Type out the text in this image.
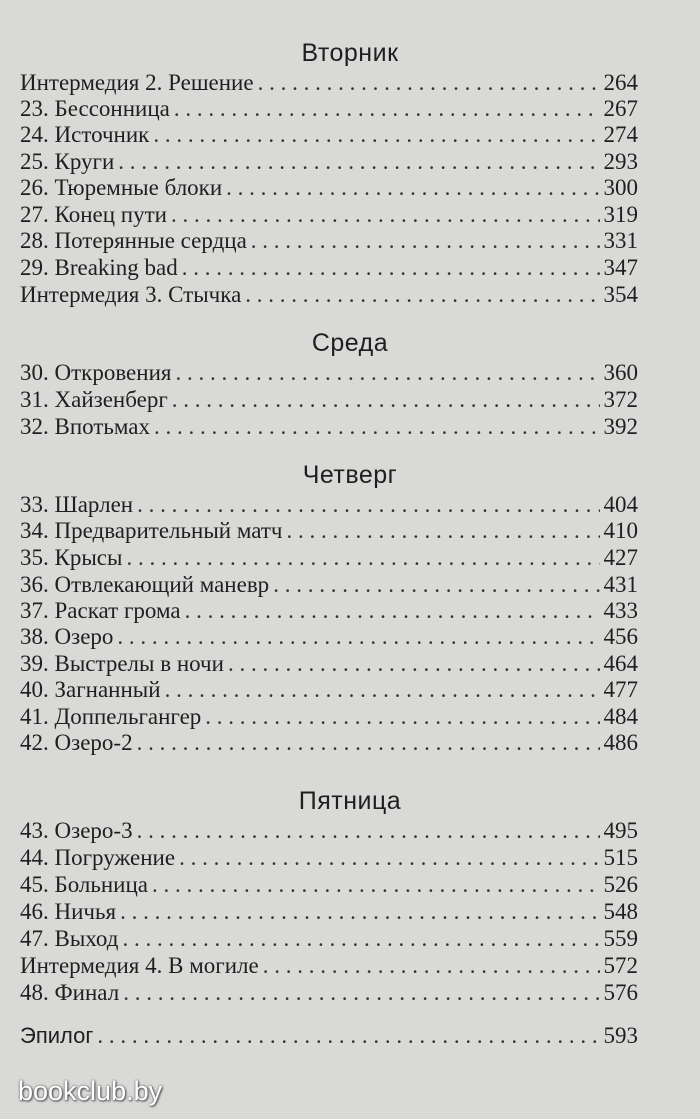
Вторник
Интермедия 2. Решение . . .	264
23. Бессонница . . .	267
24. Источник . . .	274
25. Круги . . .	293
26. Тюремные блоки . . .	300
27. Конец пути . . .	319
28. Потерянные сердца . . .	331
29. Breaking bad . . .	347
Интермедия 3. Стычка . . .	354
Среда
30. Откровения . . .	360
31. Хайзенберг . . .	372
32. Впотьмах . . .	392
Четверг
33. Шарлен . . .	404
34. Предварительный матч . . .	410
35. Крысы . . .	427
36. Отвлекающий маневр . . .	431
37. Раскат грома . . .	433
38. Озеро . . .	456
39. Выстрелы в ночи . . .	464
40. Загнанный . . .	477
41. Доппельгангер . . .	484
42. Озеро-2 . . .	486
Пятница
43. Озеро-3 . . .	495
44. Погружение . . .	515
45. Больница . . .	526
46. Ничья . . .	548
47. Выход . . .	559
Интермедия 4. В могиле . . .	572
48. Финал . . .	576
Эпилог . . .	593
bookclub.by
